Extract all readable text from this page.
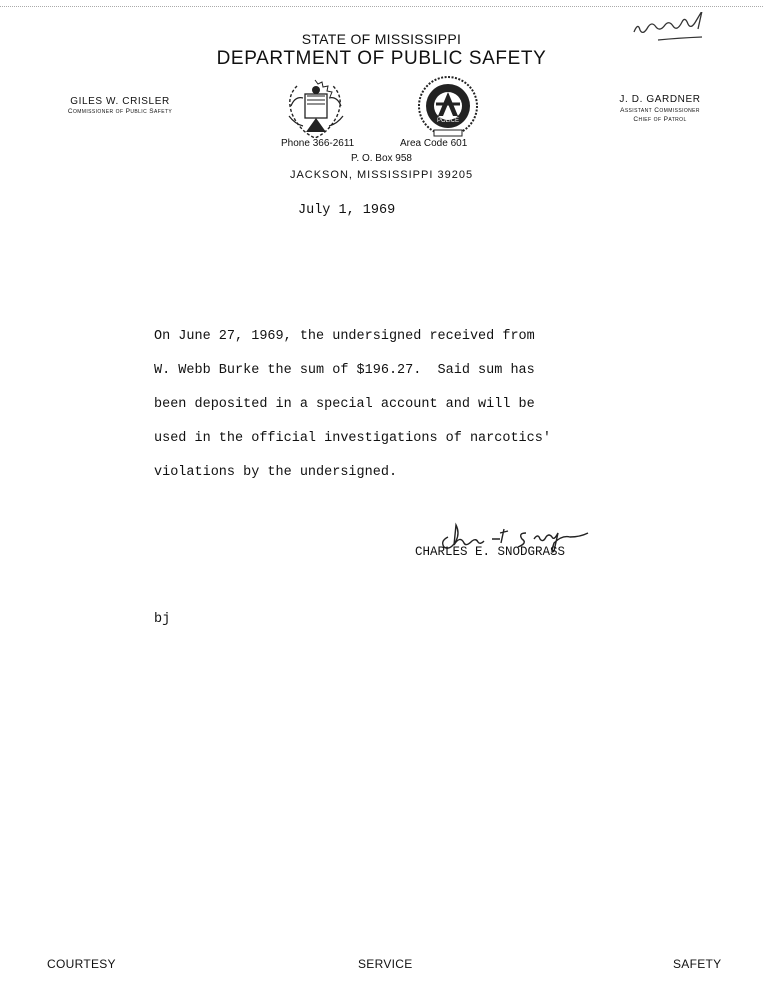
STATE OF MISSISSIPPI
DEPARTMENT OF PUBLIC SAFETY
GILES W. CRISLER
Commissioner of Public Safety
J. D. GARDNER
Assistant Commissioner
Chief of Patrol
POLICE
Phone 366-2611	Area Code 601
P. O. Box 958
JACKSON, MISSISSIPPI 39205
July 1, 1969
On June 27, 1969, the undersigned received from
W. Webb Burke the sum of $196.27.  Said sum has
been deposited in a special account and will be
used in the official investigations of narcotics'
violations by the undersigned.
CHARLES E. SNODGRASS
bj
COURTESY	SERVICE	SAFETY
